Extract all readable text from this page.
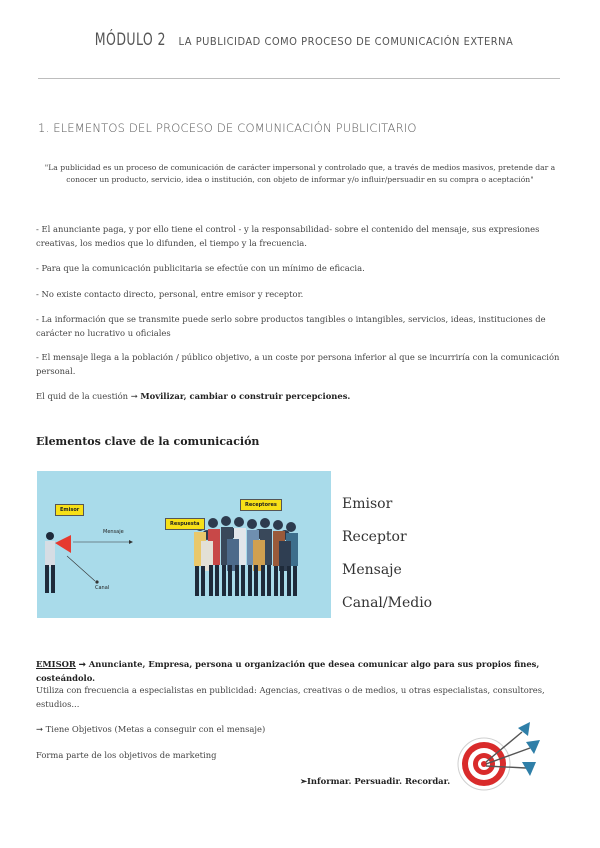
MÓDULO 2 LA PUBLICIDAD COMO PROCESO DE COMUNICACIÓN EXTERNA
1. ELEMENTOS DEL PROCESO DE COMUNICACIÓN PUBLICITARIO
"La publicidad es un proceso de comunicación de carácter impersonal y controlado que, a través de medios masivos, pretende dar a conocer un producto, servicio, idea o institución, con objeto de informar y/o influir/persuadir en su compra o aceptación"
- El anunciante paga, y por ello tiene el control - y la responsabilidad- sobre el contenido del mensaje, sus expresiones creativas, los medios que lo difunden, el tiempo y la frecuencia.
- Para que la comunicación publicitaria se efectúe con un mínimo de eficacia.
- No existe contacto directo, personal, entre emisor y receptor.
- La información que se transmite puede serlo sobre productos tangibles o intangibles, servicios, ideas, instituciones de carácter no lucrativo u oficiales
- El mensaje llega a la población / público objetivo, a un coste por persona inferior al que se incurriría con la comunicación personal.
El quid de la cuestión ➞ Movilizar, cambiar o construir percepciones.
Elementos clave de la comunicación
Emisor
Mensaje
Canal
Receptores
Respuesta
Emisor
Receptor
Mensaje
Canal/Medio
EMISOR ➞ Anunciante, Empresa, persona u organización que desea comunicar algo para sus propios fines, costeándolo.
Utiliza con frecuencia a especialistas en publicidad: Agencias, creativas o de medios, u otras especialistas, consultores, estudios...
➞ Tiene Objetivos (Metas a conseguir con el mensaje)
Forma parte de los objetivos de marketing
➢Informar. Persuadir. Recordar.
